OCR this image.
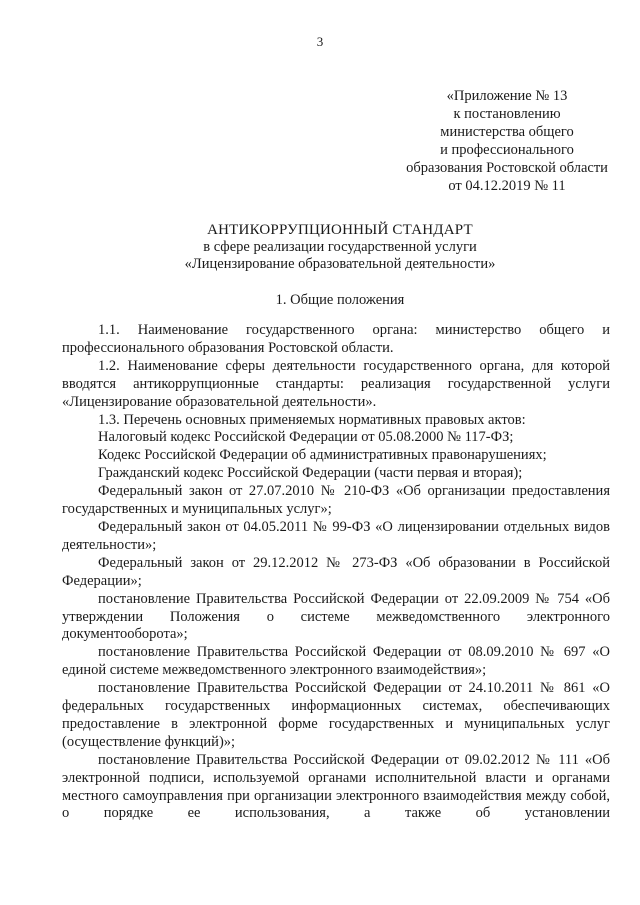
3
«Приложение № 13
к постановлению
министерства общего
и профессионального
образования Ростовской области
от 04.12.2019 № 11
АНТИКОРРУПЦИОННЫЙ СТАНДАРТ
в сфере реализации государственной услуги
«Лицензирование образовательной деятельности»
1. Общие положения

1.1. Наименование государственного органа: министерство общего и профессионального образования Ростовской области.

1.2. Наименование сферы деятельности государственного органа, для которой вводятся антикоррупционные стандарты: реализация государственной услуги «Лицензирование образовательной деятельности».

1.3. Перечень основных применяемых нормативных правовых актов:

Налоговый кодекс Российской Федерации от 05.08.2000 № 117-ФЗ;

Кодекс Российской Федерации об административных правонарушениях;

Гражданский кодекс Российской Федерации (части первая и вторая);

Федеральный закон от 27.07.2010 № 210-ФЗ «Об организации предоставления государственных и муниципальных услуг»;

Федеральный закон от 04.05.2011 № 99-ФЗ «О лицензировании отдельных видов деятельности»;

Федеральный закон от 29.12.2012 № 273-ФЗ «Об образовании в Российской Федерации»;

постановление Правительства Российской Федерации от 22.09.2009 № 754 «Об утверждении Положения о системе межведомственного электронного документооборота»;

постановление Правительства Российской Федерации от 08.09.2010 № 697 «О единой системе межведомственного электронного взаимодействия»;

постановление Правительства Российской Федерации от 24.10.2011 № 861 «О федеральных государственных информационных системах, обеспечивающих предоставление в электронной форме государственных и муниципальных услуг (осуществление функций)»;

постановление Правительства Российской Федерации от 09.02.2012 № 111 «Об электронной подписи, используемой органами исполнительной власти и органами местного самоуправления при организации электронного взаимодействия между собой, о порядке ее использования, а также об установлении
